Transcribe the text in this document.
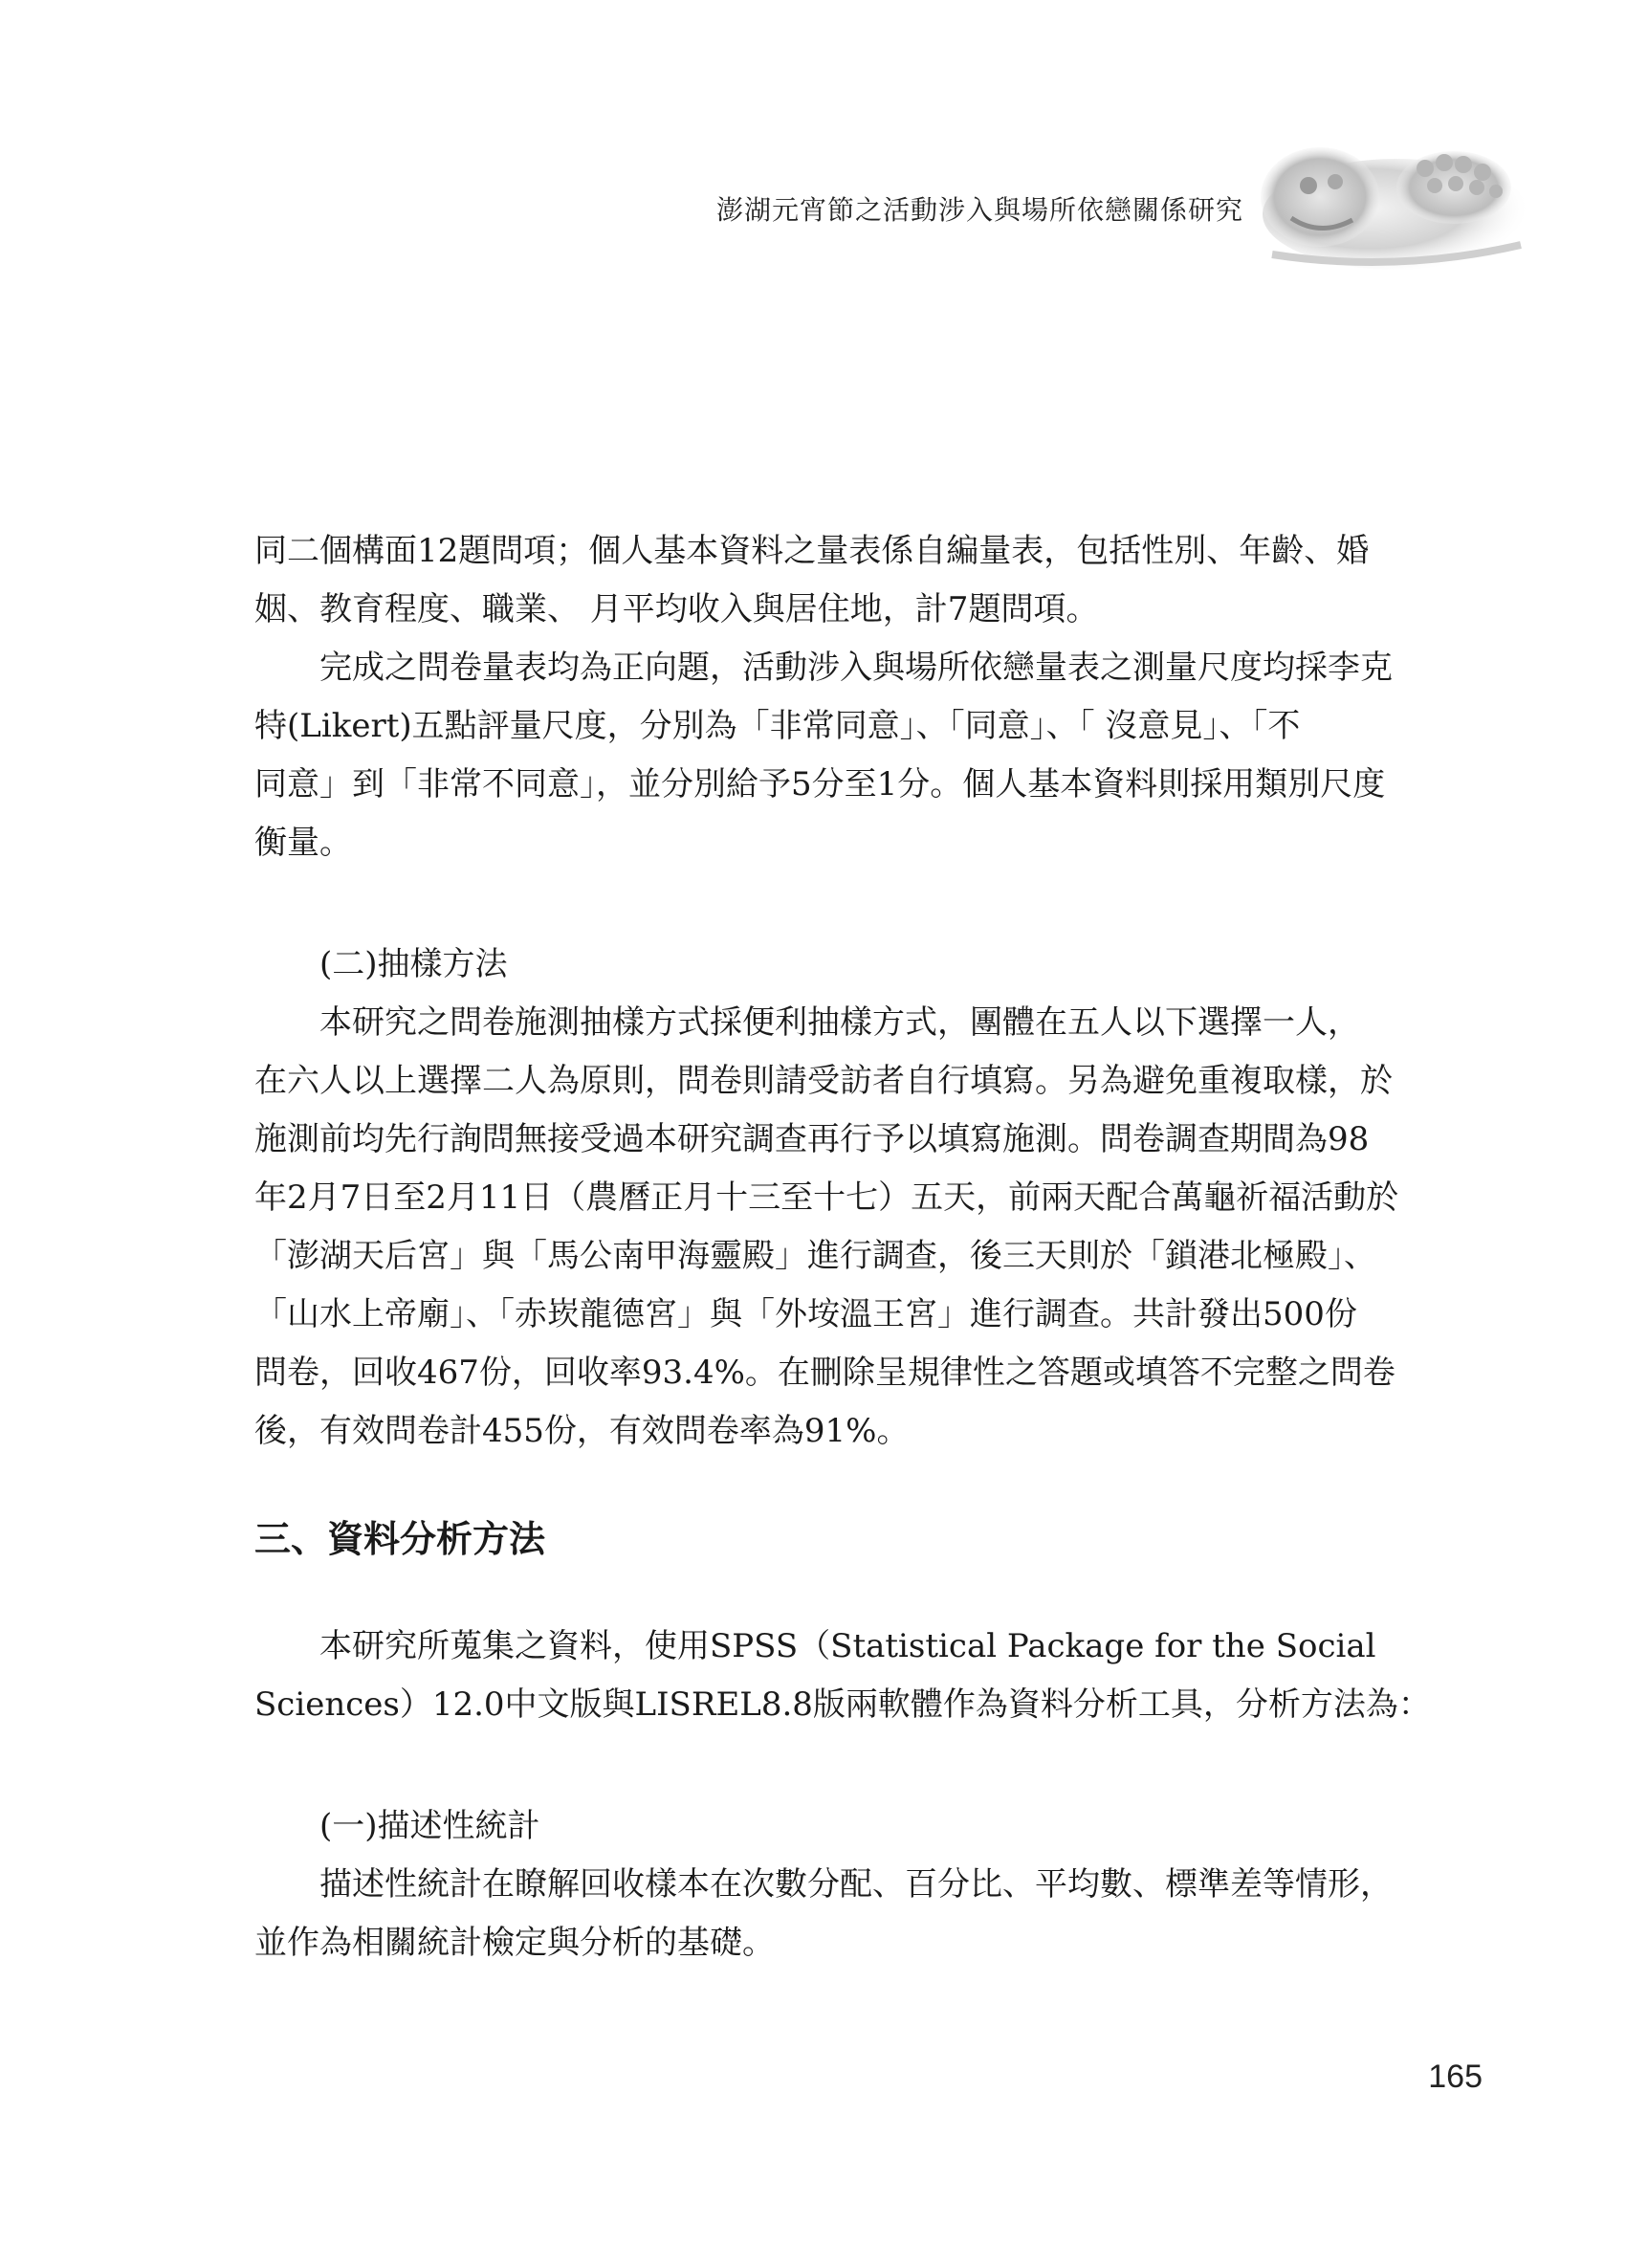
澎湖元宵節之活動涉入與場所依戀關係研究

同二個構面12題問項；個人基本資料之量表係自編量表，包括性別、年齡、婚
姻、教育程度、職業、 月平均收入與居住地，計7題問項。

完成之問卷量表均為正向題，活動涉入與場所依戀量表之測量尺度均採李克
特(Likert)五點評量尺度，分別為「非常同意」、「同意」、「 沒意見」、「不
同意」到「非常不同意」，並分別給予5分至1分。個人基本資料則採用類別尺度
衡量。

(二)抽樣方法

本研究之問卷施測抽樣方式採便利抽樣方式，團體在五人以下選擇一人，
在六人以上選擇二人為原則，問卷則請受訪者自行填寫。另為避免重複取樣，於
施測前均先行詢問無接受過本研究調查再行予以填寫施測。問卷調查期間為98
年2月7日至2月11日（農曆正月十三至十七）五天，前兩天配合萬龜祈福活動於
「澎湖天后宮」與「馬公南甲海靈殿」進行調查，後三天則於「鎖港北極殿」、
「山水上帝廟」、「赤崁龍德宮」與「外垵溫王宮」進行調查。共計發出500份
問卷，回收467份，回收率93.4%。在刪除呈規律性之答題或填答不完整之問卷
後，有效問卷計455份，有效問卷率為91%。

三、資料分析方法

本研究所蒐集之資料，使用SPSS（Statistical Package for the Social
Sciences）12.0中文版與LISREL8.8版兩軟體作為資料分析工具，分析方法為：

(一)描述性統計

描述性統計在瞭解回收樣本在次數分配、百分比、平均數、標準差等情形，
並作為相關統計檢定與分析的基礎。

165
